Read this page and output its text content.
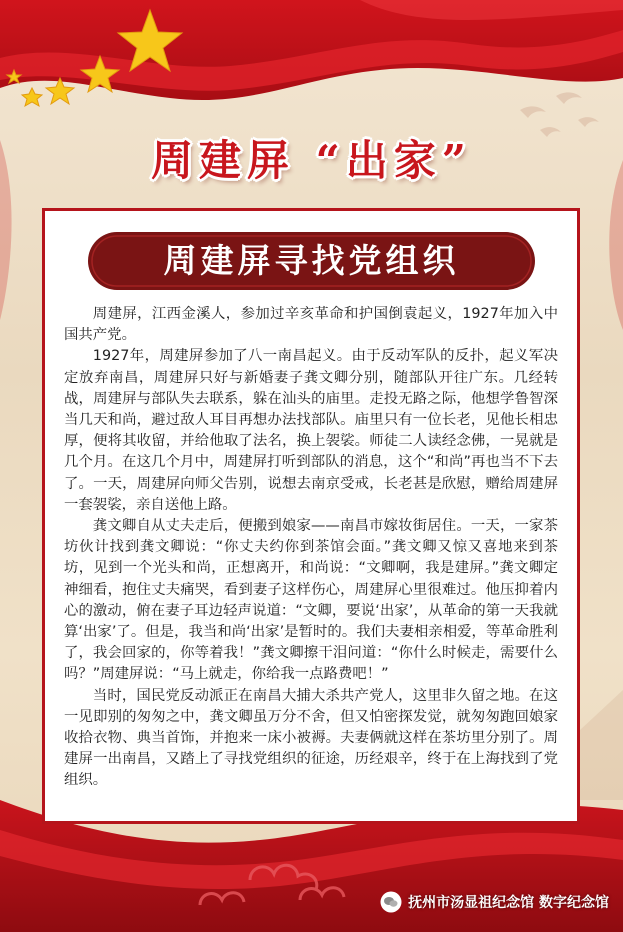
周建屏 “出家”
周建屏寻找党组织

周建屏，江西金溪人，参加过辛亥革命和护国倒袁起义，1927年加入中国共产党。

1927年，周建屏参加了八一南昌起义。由于反动军队的反扑，起义军决定放弃南昌，周建屏只好与新婚妻子龚文卿分别，随部队开往广东。几经转战，周建屏与部队失去联系，躲在汕头的庙里。走投无路之际，他想学鲁智深当几天和尚，避过敌人耳目再想办法找部队。庙里只有一位长老，见他长相忠厚，便将其收留，并给他取了法名，换上袈裟。师徒二人读经念佛，一晃就是几个月。在这几个月中，周建屏打听到部队的消息，这个“和尚”再也当不下去了。一天，周建屏向师父告别，说想去南京受戒，长老甚是欣慰，赠给周建屏一套袈裟，亲自送他上路。

龚文卿自从丈夫走后，便搬到娘家——南昌市嫁妆街居住。一天，一家茶坊伙计找到龚文卿说：“你丈夫约你到茶馆会面。”龚文卿又惊又喜地来到茶坊，见到一个光头和尚，正想离开，和尚说：“文卿啊，我是建屏。”龚文卿定神细看，抱住丈夫痛哭，看到妻子这样伤心，周建屏心里很难过。他压抑着内心的激动，俯在妻子耳边轻声说道：“文卿，要说‘出家’，从革命的第一天我就算‘出家’了。但是，我当和尚‘出家’是暂时的。我们夫妻相亲相爱，等革命胜利了，我会回家的，你等着我！”龚文卿擦干泪问道：“你什么时候走，需要什么吗？”周建屏说：“马上就走，你给我一点路费吧！”

当时，国民党反动派正在南昌大捕大杀共产党人，这里非久留之地。在这一见即别的匆匆之中，龚文卿虽万分不舍，但又怕密探发觉，就匆匆跑回娘家收拾衣物、典当首饰，并抱来一床小被褥。夫妻俩就这样在茶坊里分别了。周建屏一出南昌，又踏上了寻找党组织的征途，历经艰辛，终于在上海找到了党组织。

抚州市汤显祖纪念馆 数字纪念馆
